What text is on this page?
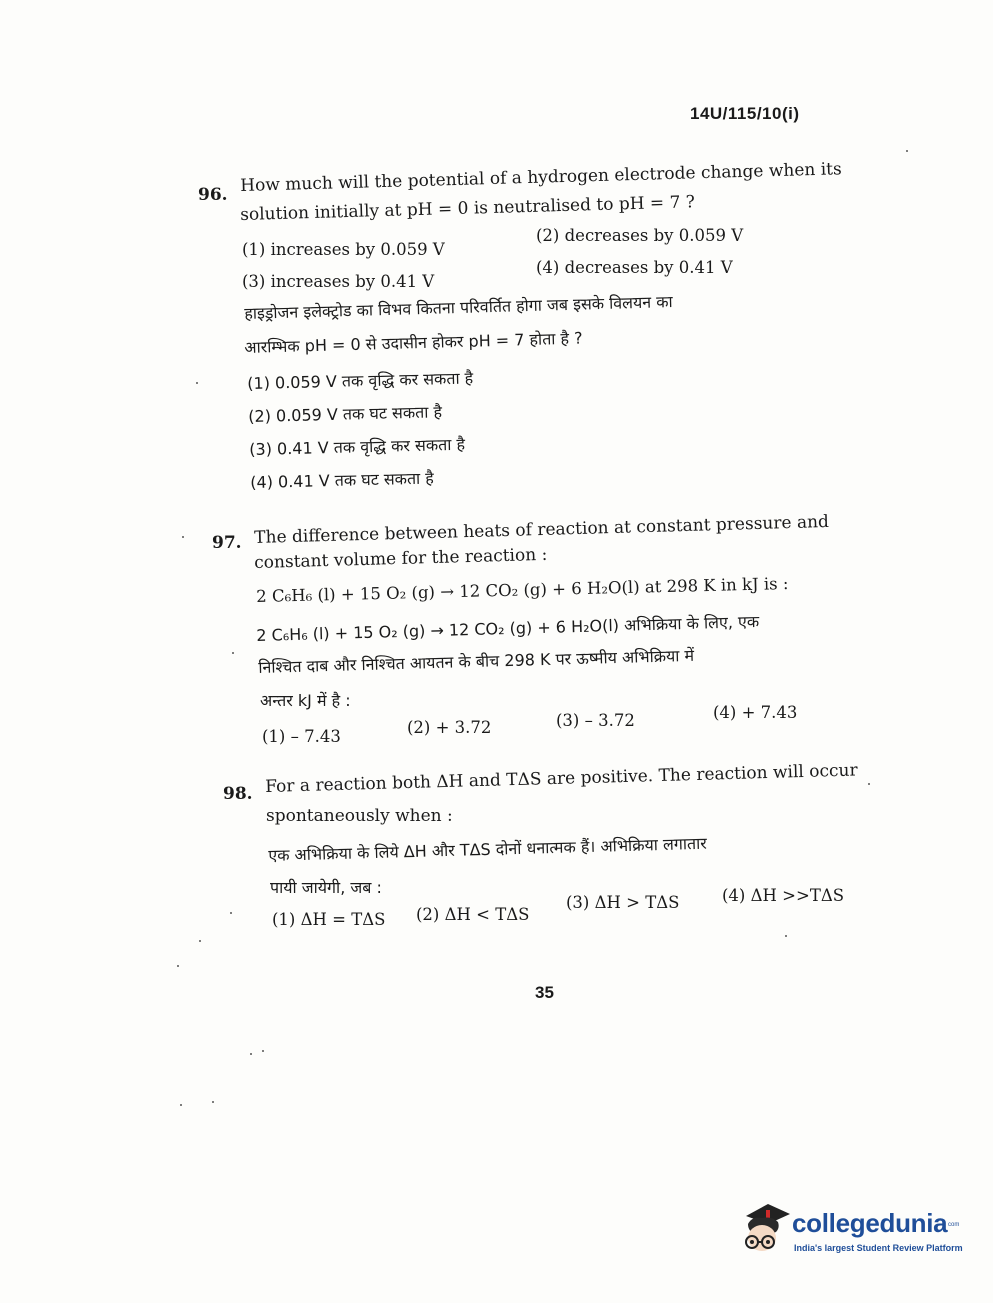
14U/115/10(i)
96. How much will the potential of a hydrogen electrode change when its
solution initially at pH = 0 is neutralised to pH = 7 ?
(1) increases by 0.059 V
(2) decreases by 0.059 V
(3) increases by 0.41 V
(4) decreases by 0.41 V
हाइड्रोजन इलेक्ट्रोड का विभव कितना परिवर्तित होगा जब इसके विलयन का
आरम्भिक pH = 0 से उदासीन होकर pH = 7 होता है ?
(1) 0.059 V तक वृद्धि कर सकता है
(2) 0.059 V तक घट सकता है
(3) 0.41 V तक वृद्धि कर सकता है
(4) 0.41 V तक घट सकता है
97. The difference between heats of reaction at constant pressure and
constant volume for the reaction :
2 C₆H₆ (l) + 15 O₂ (g) → 12 CO₂ (g) + 6 H₂O(l) at 298 K in kJ is :
2 C₆H₆ (l) + 15 O₂ (g) → 12 CO₂ (g) + 6 H₂O(l) अभिक्रिया के लिए, एक
निश्चित दाब और निश्चित आयतन के बीच 298 K पर ऊष्मीय अभिक्रिया में
अन्तर kJ में है :
(1) – 7.43	(2) + 3.72	(3) – 3.72	(4) + 7.43
98. For a reaction both ΔH and TΔS are positive. The reaction will occur
spontaneously when :
एक अभिक्रिया के लिये ΔH और TΔS दोनों धनात्मक हैं। अभिक्रिया लगातार
पायी जायेगी, जब :
(1) ΔH = TΔS (2) ΔH < TΔS
(3) ΔH > TΔS	(4) ΔH >>TΔS
35
collegedunia com
India's largest Student Review Platform
